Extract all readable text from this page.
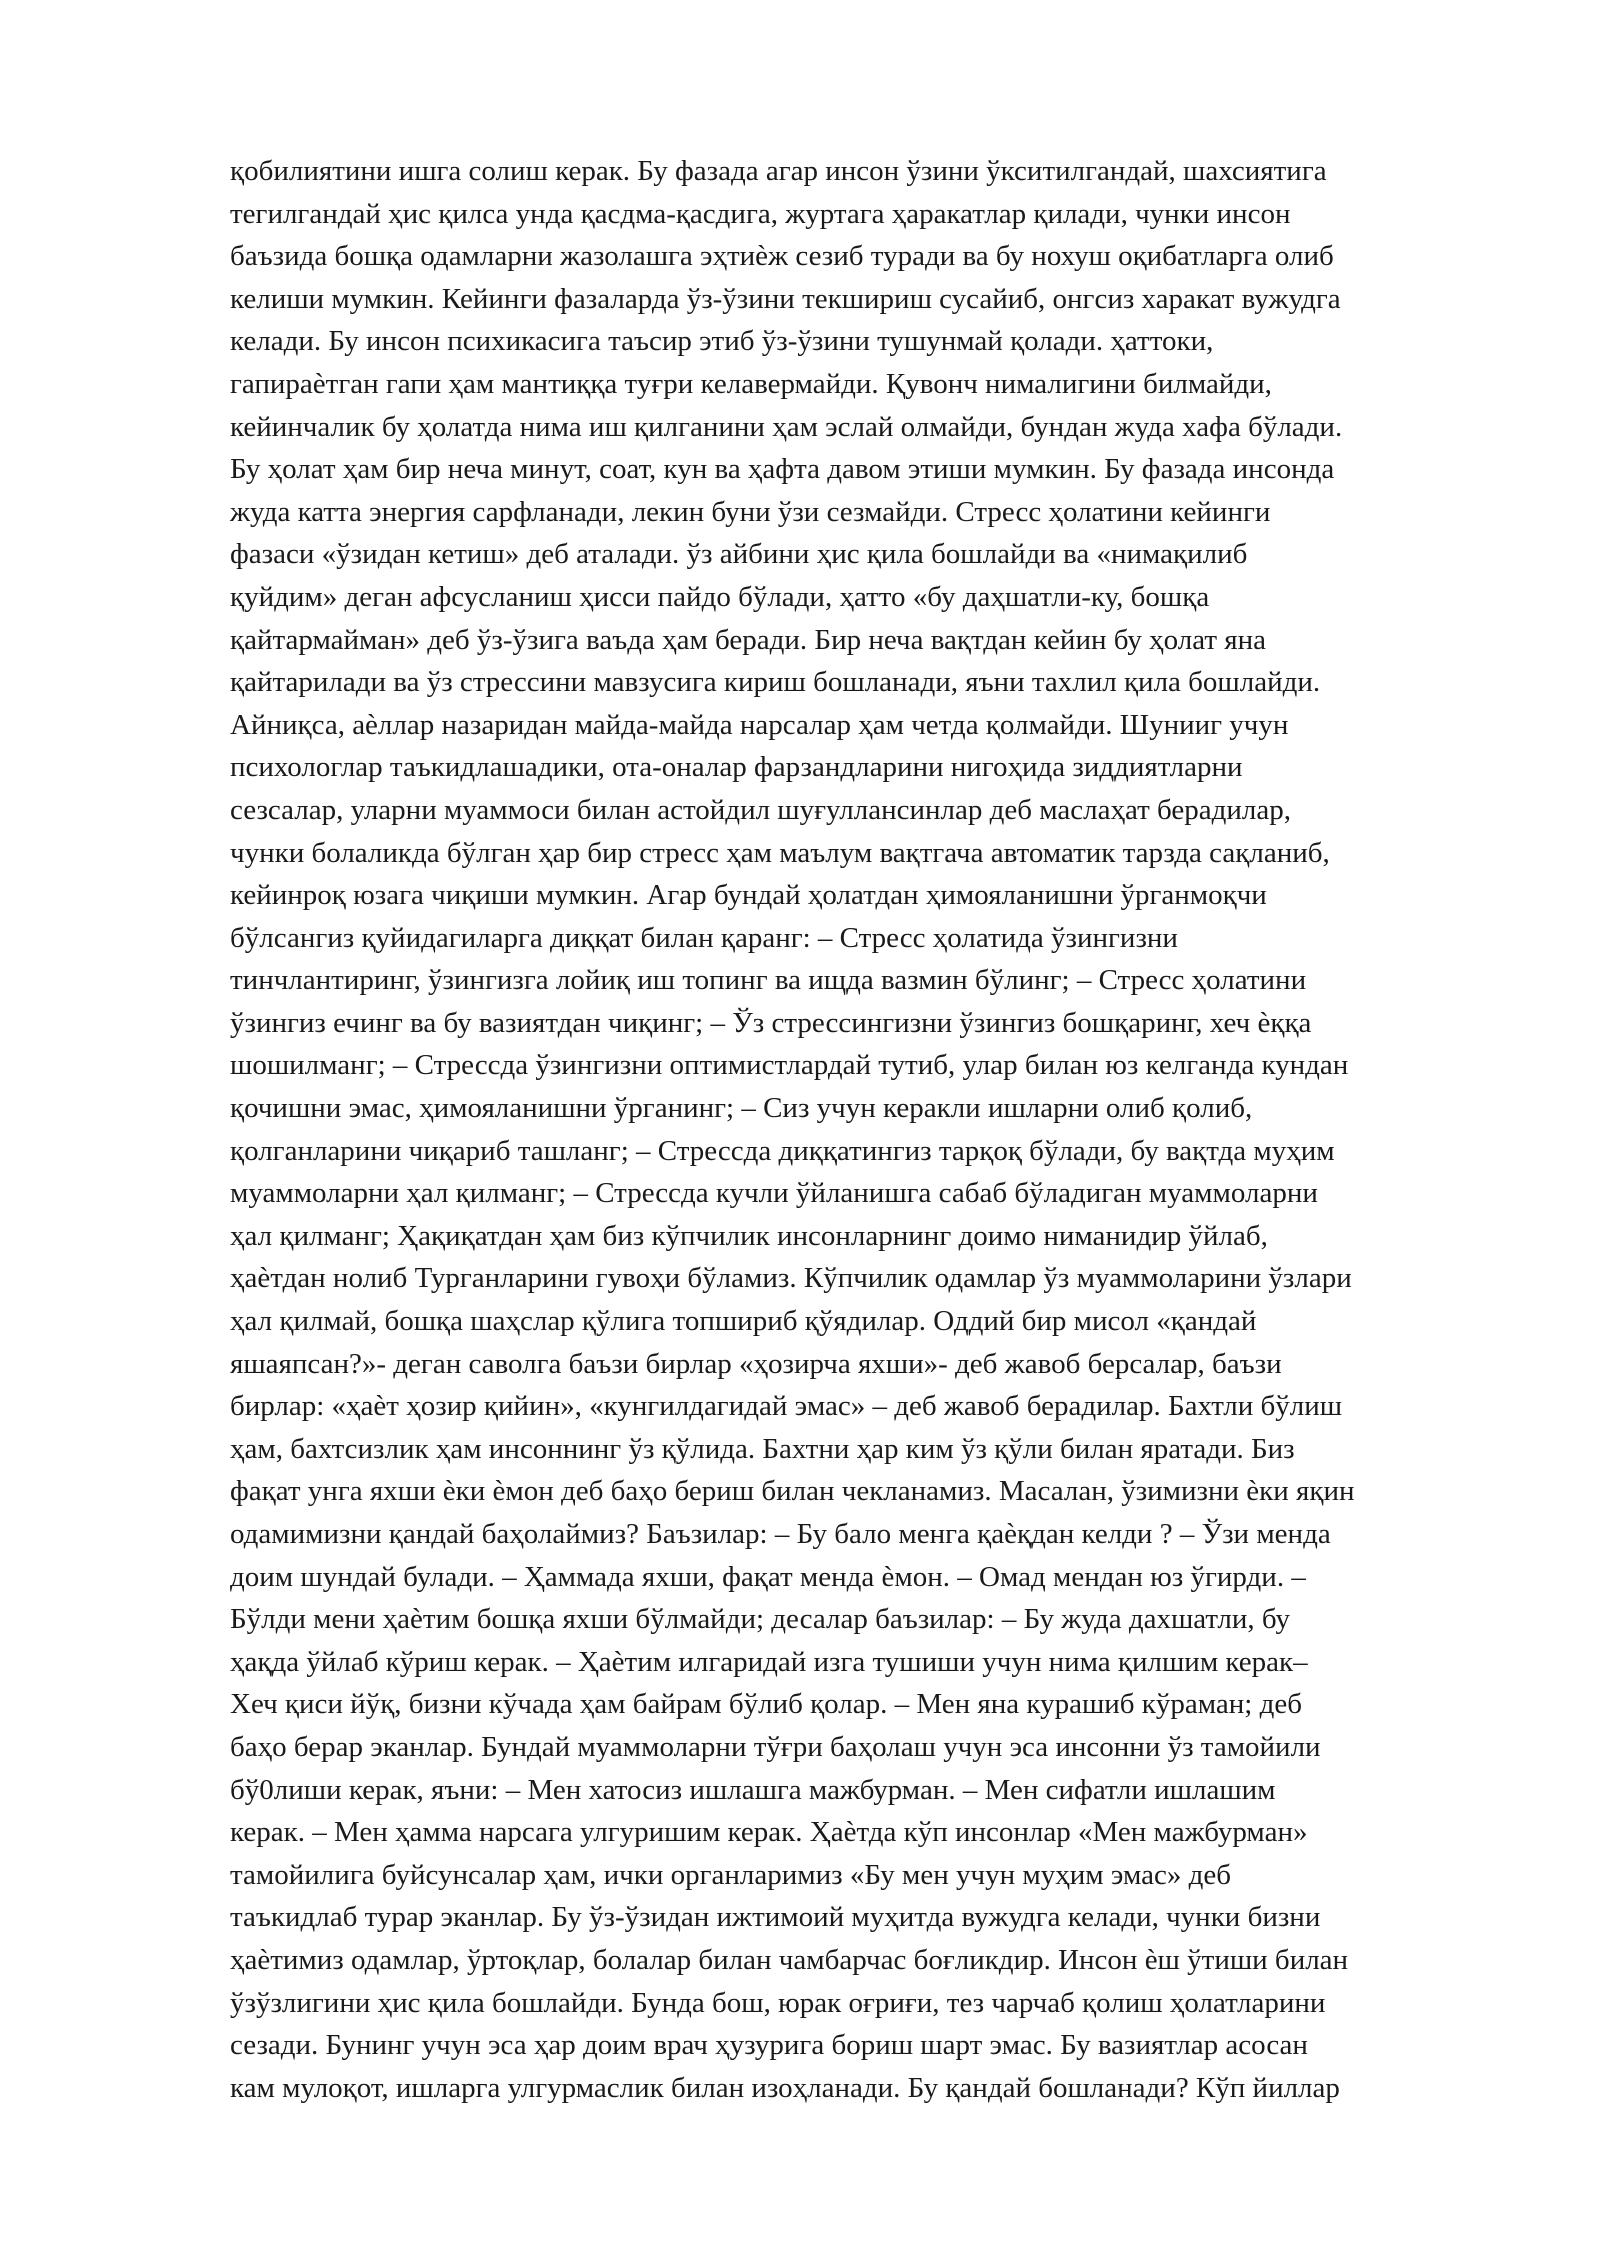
қобилиятини ишга солиш керак. Бу фазада агар инсон ўзини ўкситилгандай, шахсиятига
тегилгандай ҳис қилса унда қасдма-қасдига, журтага ҳаракатлар қилади, чунки инсон
баъзида бошқа одамларни жазолашга эҳтиѐж сезиб туради ва бу нохуш оқибатларга олиб
келиши мумкин. Кейинги фазаларда ўз-ўзини текшириш сусайиб, онгсиз харакат вужудга
келади. Бу инсон психикасига таъсир этиб ўз-ўзини тушунмай қолади. ҳаттоки,
гапираѐтган гапи ҳам мантиққа туғри келавермайди. Қувонч нималигини билмайди,
кейинчалик бу ҳолатда нима иш қилганини ҳам эслай олмайди, бундан жуда хафа бўлади.
Бу ҳолат ҳам бир неча минут, соат, кун ва ҳафта давом этиши мумкин. Бу фазада инсонда
жуда катта энергия сарфланади, лекин буни ўзи сезмайди. Стресс ҳолатини кейинги
фазаси «ўзидан кетиш» деб аталади. ўз айбини ҳис қила бошлайди ва «нимақилиб
қуйдим» деган афсусланиш ҳисси пайдо бўлади, ҳатто «бу даҳшатли-ку, бошқа
қайтармайман» деб ўз-ўзига ваъда ҳам беради. Бир неча вақтдан кейин бу ҳолат яна
қайтарилади ва ўз стрессини мавзусига кириш бошланади, яъни тахлил қила бошлайди.
Айниқса, аѐллар назаридан майда-майда нарсалар ҳам четда қолмайди. Шунииг учун
психологлар таъкидлашадики, ота-оналар фарзандларини нигоҳида зиддиятларни
сезсалар, уларни муаммоси билан астойдил шуғуллансинлар деб маслаҳат берадилар,
чунки болаликда бўлган ҳар бир стресс ҳам маълум вақтгача автоматик тарзда сақланиб,
кейинроқ юзага чиқиши мумкин. Агар бундай ҳолатдан ҳимояланишни ўрганмоқчи
бўлсангиз қуйидагиларга диққат билан қаранг: – Стресс ҳолатида ўзингизни
тинчлантиринг, ўзингизга лойиқ иш топинг ва ищда вазмин бўлинг; – Стресс ҳолатини
ўзингиз ечинг ва бу вазиятдан чиқинг; – Ўз стрессингизни ўзингиз бошқаринг, хеч ѐққа
шошилманг; – Стрессда ўзингизни оптимистлардай тутиб, улар билан юз келганда кундан
қочишни эмас, ҳимояланишни ўрганинг; – Сиз учун керакли ишларни олиб қолиб,
қолганларини чиқариб ташланг; – Стрессда диққатингиз тарқоқ бўлади, бу вақтда муҳим
муаммоларни ҳал қилманг; – Стрессда кучли ўйланишга сабаб бўладиган муаммоларни
ҳал қилманг; Ҳақиқатдан ҳам биз кўпчилик инсонларнинг доимо ниманидир ўйлаб,
ҳаѐтдан нолиб Турганларини гувоҳи бўламиз. Кўпчилик одамлар ўз муаммоларини ўзлари
ҳал қилмай, бошқа шаҳслар қўлига топшириб қўядилар. Оддий бир мисол «қандай
яшаяпсан?»- деган саволга баъзи бирлар «ҳозирча яхши»- деб жавоб берсалар, баъзи
бирлар: «ҳаѐт ҳозир қийин», «кунгилдагидай эмас» – деб жавоб берадилар. Бахтли бўлиш
ҳам, бахтсизлик ҳам инсоннинг ўз қўлида. Бахтни ҳар ким ўз қўли билан яратади. Биз
фақат унга яхши ѐки ѐмон деб баҳо бериш билан чекланамиз. Масалан, ўзимизни ѐки яқин
одамимизни қандай баҳолаймиз? Баъзилар: – Бу бало менга қаѐқдан келди ? – Ўзи менда
доим шундай булади. – Ҳаммада яхши, фақат менда ѐмон. – Омад мендан юз ўгирди. –
Бўлди мени ҳаѐтим бошқа яхши бўлмайди; десалар баъзилар: – Бу жуда дахшатли, бу
ҳақда ўйлаб кўриш керак. – Ҳаѐтим илгаридай изга тушиши учун нима қилшим керак–
Хеч қиси йўқ, бизни кўчада ҳам байрам бўлиб қолар. – Мен яна курашиб кўраман; деб
баҳо берар эканлар. Бундай муаммоларни тўғри баҳолаш учун эса инсонни ўз тамойили
бў0лиши керак, яъни: – Мен хатосиз ишлашга мажбурман. – Мен сифатли ишлашим
керак. – Мен ҳамма нарсага улгуришим керак. Ҳаѐтда кўп инсонлар «Мен мажбурман»
тамойилига буйсунсалар ҳам, ички органларимиз «Бу мен учун муҳим эмас» деб
таъкидлаб турар эканлар. Бу ўз-ўзидан ижтимоий муҳитда вужудга келади, чунки бизни
ҳаѐтимиз одамлар, ўртоқлар, болалар билан чамбарчас боғликдир. Инсон ѐш ўтиши билан
ўзўзлигини ҳис қила бошлайди. Бунда бош, юрак оғриғи, тез чарчаб қолиш ҳолатларини
сезади. Бунинг учун эса ҳар доим врач ҳузурига бориш шарт эмас. Бу вазиятлар асосан
кам мулоқот, ишларга улгурмаслик билан изоҳланади. Бу қандай бошланади? Кўп йиллар
